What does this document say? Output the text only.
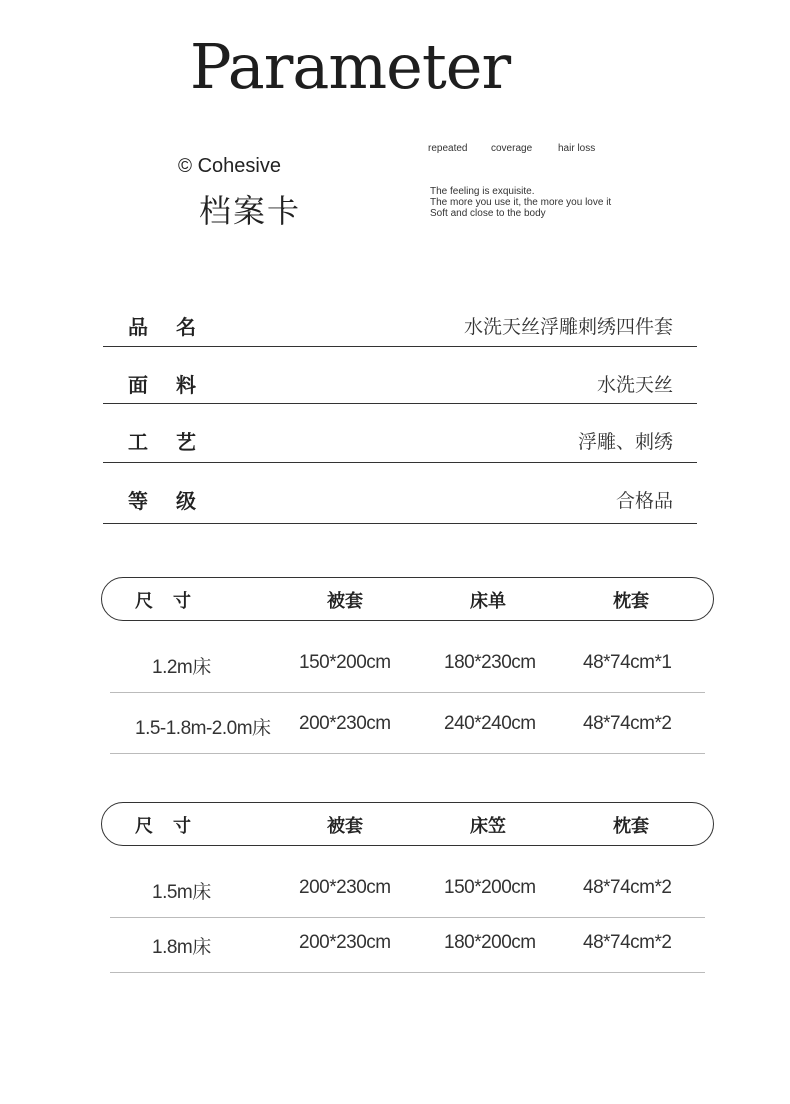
Parameter
© Cohesive
档案卡
repeated coverage	hair loss
The feeling is exquisite.
The more you use it, the more you love it
Soft and close to the body
品名	水洗天丝浮雕刺绣四件套
面料	水洗天丝
工艺	浮雕、刺绣
等级	合格品
尺寸	被套	床单	枕套
1.2m床	150*200cm	180*230cm 48*74cm*1
1.5-1.8m-2.0m床 200*230cm	240*240cm 48*74cm*2
尺寸	被套	床笠	枕套
1.5m床	200*230cm	150*200cm 48*74cm*2
1.8m床	200*230cm	180*200cm 48*74cm*2
